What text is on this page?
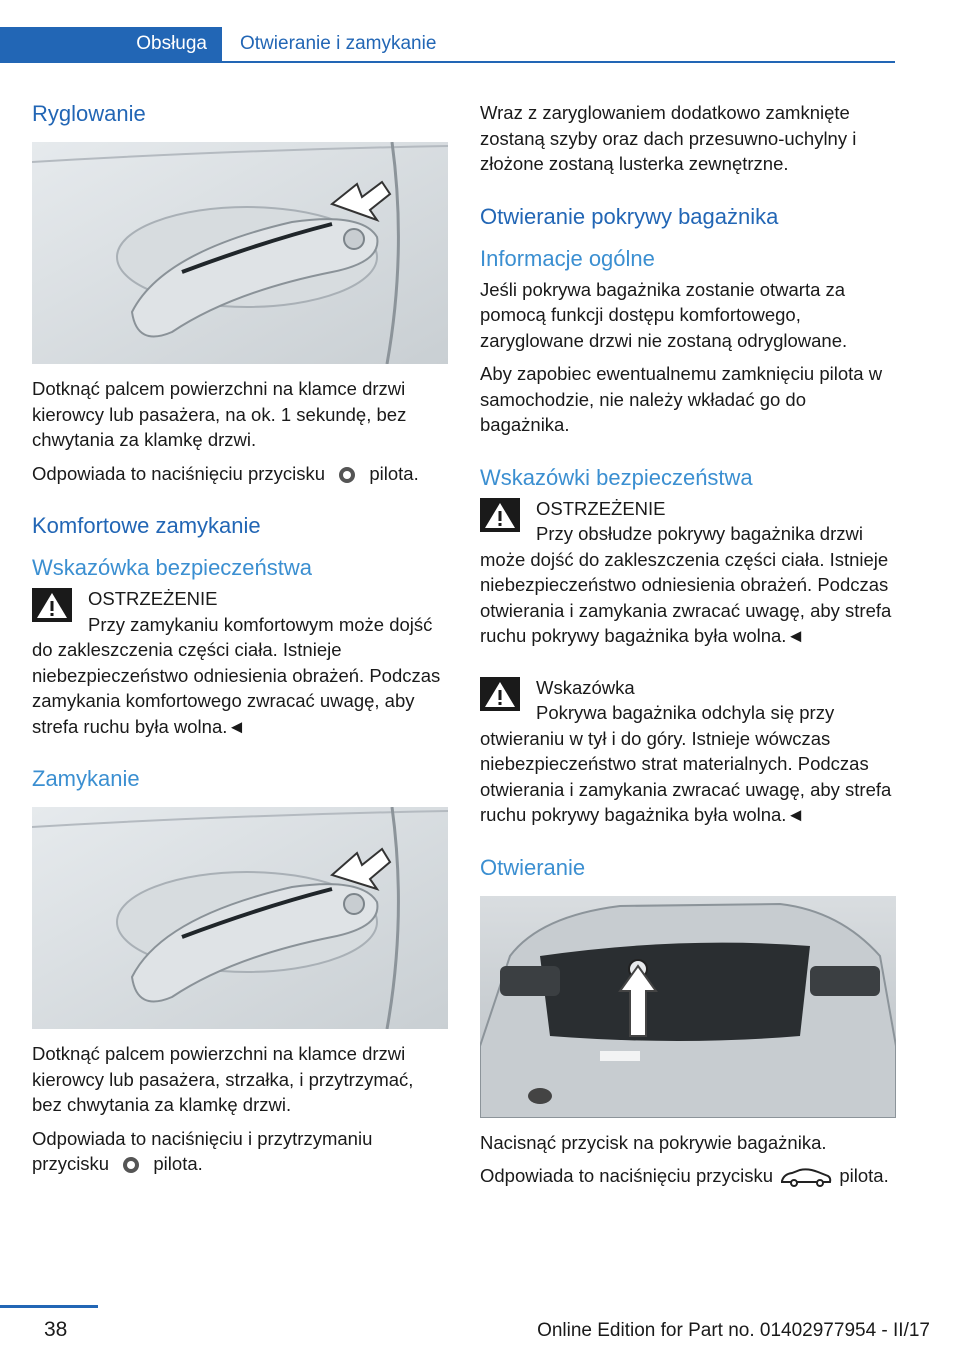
Obsługa	Otwieranie i zamykanie
Ryglowanie

Dotknąć palcem powierzchni na klamce drzwi kierowcy lub pasażera, na ok. 1 sekundę, bez chwytania za klamkę drzwi.

Odpowiada to naciśnięciu przycisku pilota.

Komfortowe zamykanie
Wskazówka bezpieczeństwa

OSTRZEŻENIE

Przy zamykaniu komfortowym może dojść do zakleszczenia części ciała. Istnieje niebezpieczeństwo odniesienia obrażeń. Podczas zamykania komfortowego zwracać uwagę, aby strefa ruchu była wolna.◄

Zamykanie

Dotknąć palcem powierzchni na klamce drzwi kierowcy lub pasażera, strzałka, i przytrzymać, bez chwytania za klamkę drzwi.

Odpowiada to naciśnięciu i przytrzymaniu przycisku pilota.

Wraz z zaryglowaniem dodatkowo zamknięte zostaną szyby oraz dach przesuwno-uchylny i złożone zostaną lusterka zewnętrzne.

Otwieranie pokrywy bagażnika
Informacje ogólne

Jeśli pokrywa bagażnika zostanie otwarta za pomocą funkcji dostępu komfortowego, zaryglowane drzwi nie zostaną odryglowane.

Aby zapobiec ewentualnemu zamknięciu pilota w samochodzie, nie należy wkładać go do bagażnika.

Wskazówki bezpieczeństwa

OSTRZEŻENIE

Przy obsłudze pokrywy bagażnika drzwi może dojść do zakleszczenia części ciała. Istnieje niebezpieczeństwo odniesienia obrażeń. Podczas otwierania i zamykania zwracać uwagę, aby strefa ruchu pokrywy bagażnika była wolna.◄

Wskazówka

Pokrywa bagażnika odchyla się przy otwieraniu w tył i do góry. Istnieje wówczas niebezpieczeństwo strat materialnych. Podczas otwierania i zamykania zwracać uwagę, aby strefa ruchu pokrywy bagażnika była wolna.◄

Otwieranie

Nacisnąć przycisk na pokrywie bagażnika.

Odpowiada to naciśnięciu przycisku	pilota.

38	Online Edition for Part no. 01402977954 - II/17
